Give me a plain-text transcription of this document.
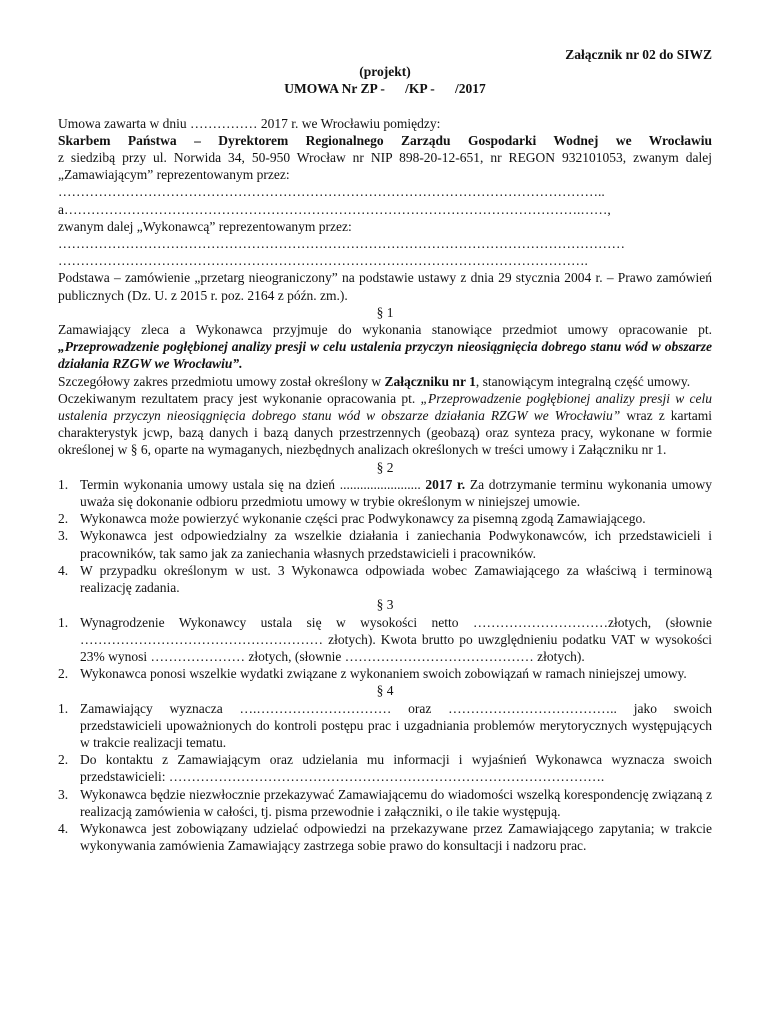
Załącznik nr 02 do SIWZ
(projekt)
UMOWA Nr ZP -      /KP -      /2017

Umowa zawarta w dniu …………… 2017 r. we Wrocławiu pomiędzy:

Skarbem Państwa – Dyrektorem Regionalnego Zarządu Gospodarki Wodnej we Wrocławiu

z siedzibą przy ul. Norwida 34, 50-950 Wrocław nr NIP 898-20-12-651, nr REGON 932101053, zwanym dalej „Zamawiającym” reprezentowanym przez:

…………………………………………………………………………………………………………..

a…………………………………………………………………………………………………….……,

zwanym dalej „Wykonawcą” reprezentowanym przez:

………………………………………………………………………………………………………………

……………………………………………………………………………………………………….

Podstawa – zamówienie „przetarg nieograniczony” na podstawie ustawy z dnia 29 stycznia 2004 r. – Prawo zamówień publicznych (Dz. U. z 2015 r. poz. 2164 z późn. zm.).

§ 1

Zamawiający zleca a Wykonawca przyjmuje do wykonania stanowiące przedmiot umowy opracowanie pt. „Przeprowadzenie pogłębionej analizy presji w celu ustalenia przyczyn nieosiągnięcia dobrego stanu wód w obszarze działania RZGW we Wrocławiu”.

Szczegółowy zakres przedmiotu umowy został określony w Załączniku nr 1, stanowiącym integralną część umowy.

Oczekiwanym rezultatem pracy jest wykonanie opracowania pt. „Przeprowadzenie pogłębionej analizy presji w celu ustalenia przyczyn nieosiągnięcia dobrego stanu wód w obszarze działania RZGW we Wrocławiu” wraz z kartami charakterystyk jcwp, bazą danych i bazą danych przestrzennych (geobazą) oraz synteza pracy, wykonane w formie określonej w § 6, oparte na wymaganych, niezbędnych analizach określonych w treści umowy i Załączniku nr 1.

§ 2
1. Termin wykonania umowy ustala się na dzień ........................ 2017 r. Za dotrzymanie terminu wykonania umowy uważa się dokonanie odbioru przedmiotu umowy w trybie określonym w niniejszej umowie.
2. Wykonawca może powierzyć wykonanie części prac Podwykonawcy za pisemną zgodą Zamawiającego.
3. Wykonawca jest odpowiedzialny za wszelkie działania i zaniechania Podwykonawców, ich przedstawicieli i pracowników, tak samo jak za zaniechania własnych przedstawicieli i pracowników.
4. W przypadku określonym w ust. 3 Wykonawca odpowiada wobec Zamawiającego za właściwą i terminową realizację zadania.
§ 3
1. Wynagrodzenie Wykonawcy ustala się w wysokości netto …………………………złotych, (słownie ……………………………………………… złotych). Kwota brutto po uwzględnieniu podatku VAT w wysokości 23% wynosi ………………… złotych, (słownie …………………………………… złotych).
2. Wykonawca ponosi wszelkie wydatki związane z wykonaniem swoich zobowiązań w ramach niniejszej umowy.
§ 4
1. Zamawiający wyznacza ….………………………… oraz ……………………………….. jako swoich przedstawicieli upoważnionych do kontroli postępu prac i uzgadniania problemów merytorycznych występujących w trakcie realizacji tematu.
2. Do kontaktu z Zamawiającym oraz udzielania mu informacji i wyjaśnień Wykonawca wyznacza swoich przedstawicieli: …………………………………………………………………………………….
3. Wykonawca będzie niezwłocznie przekazywać Zamawiającemu do wiadomości wszelką korespondencję związaną z realizacją zamówienia w całości, tj. pisma przewodnie i załączniki, o ile takie występują.
4. Wykonawca jest zobowiązany udzielać odpowiedzi na przekazywane przez Zamawiającego zapytania; w trakcie wykonywania zamówienia Zamawiający zastrzega sobie prawo do konsultacji i nadzoru prac.
